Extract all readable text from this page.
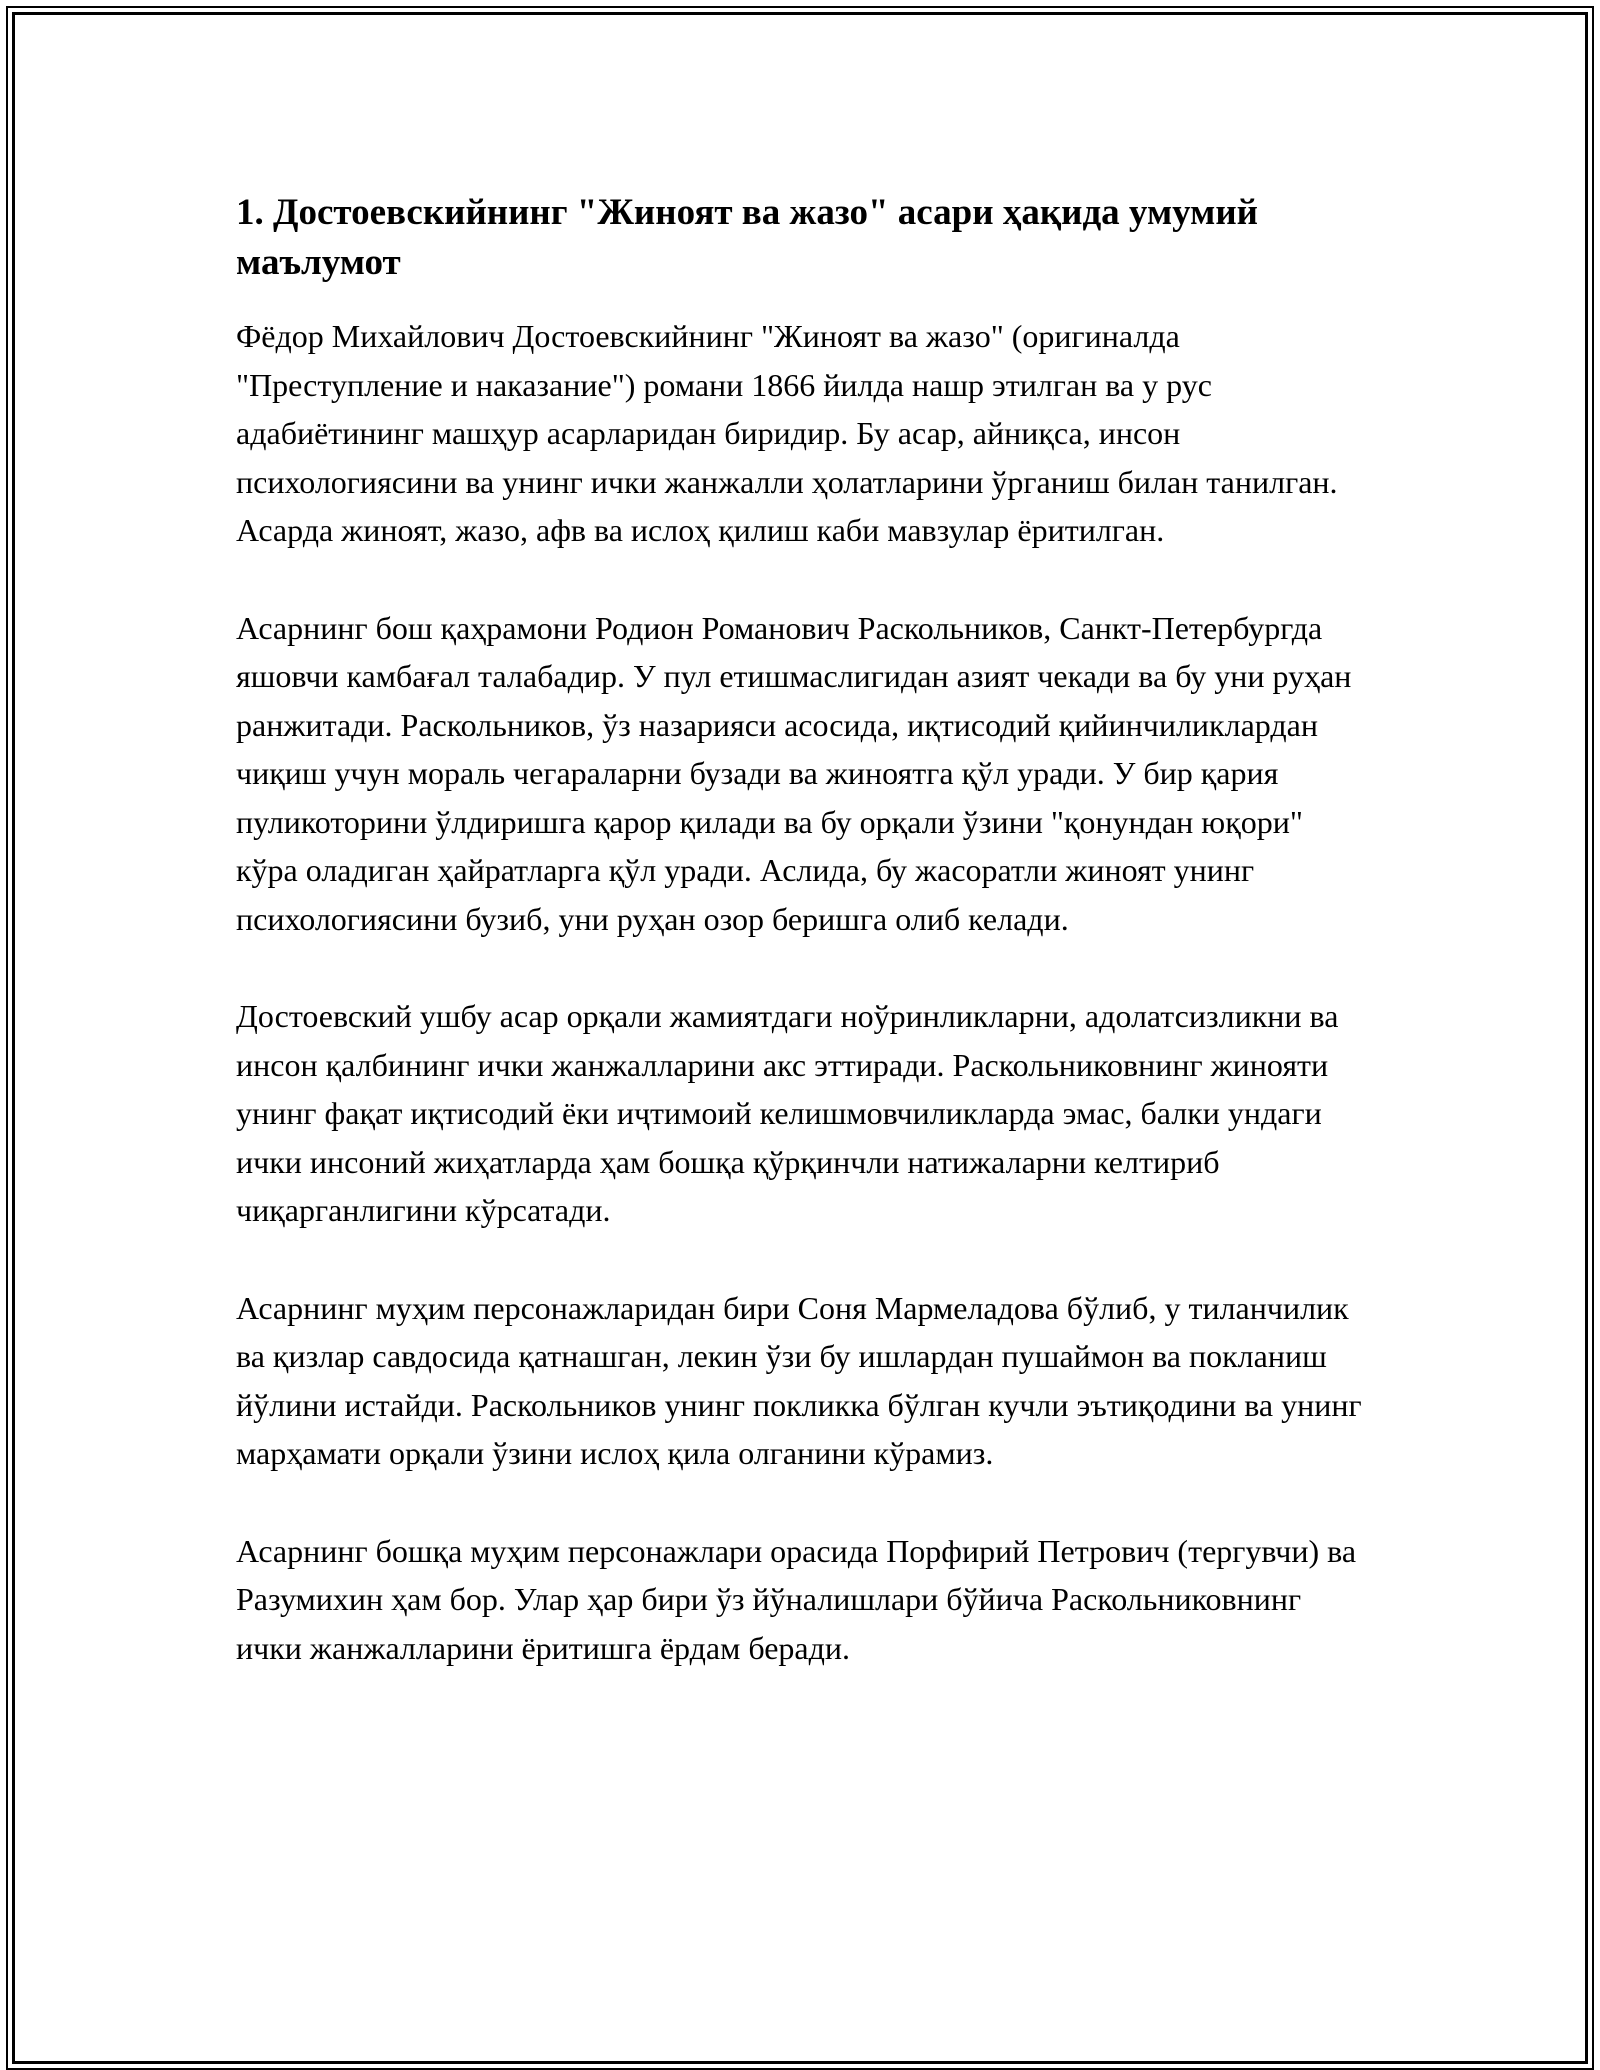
1. Достоевскийнинг "Жиноят ва жазо" асари ҳақида умумий маълумот

Фёдор Михайлович Достоевскийнинг "Жиноят ва жазо" (оригиналда "Преступление и наказание") романи 1866 йилда нашр этилган ва у рус адабиётининг машҳур асарларидан биридир. Бу асар, айниқса, инсон психологиясини ва унинг ички жанжалли ҳолатларини ўрганиш билан танилган. Асарда жиноят, жазо, афв ва ислоҳ қилиш каби мавзулар ёритилган.

Асарнинг бош қаҳрамони Родион Романович Раскольников, Санкт-Петербургда яшовчи камбағал талабадир. У пул етишмаслигидан азият чекади ва бу уни руҳан ранжитади. Раскольников, ўз назарияси асосида, иқтисодий қийинчиликлардан чиқиш учун мораль чегараларни бузади ва жиноятга қўл уради. У бир қария пуликоторини ўлдиришга қарор қилади ва бу орқали ўзини "қонундан юқори" кўра оладиган ҳайратларга қўл уради. Аслида, бу жасоратли жиноят унинг психологиясини бузиб, уни руҳан озор беришга олиб келади.

Достоевский ушбу асар орқали жамиятдаги ноўринликларни, адолатсизликни ва инсон қалбининг ички жанжалларини акс эттиради. Раскольниковнинг жинояти унинг фақат иқтисодий ёки иҷтимоий келишмовчиликларда эмас, балки ундаги ички инсоний жиҳатларда ҳам бошқа қўрқинчли натижаларни келтириб чиқарганлигини кўрсатади.

Асарнинг муҳим персонажларидан бири Соня Мармеладова бўлиб, у тиланчилик ва қизлар савдосида қатнашган, лекин ўзи бу ишлардан пушаймон ва покланиш йўлини истайди. Раскольников унинг покликка бўлган кучли эътиқодини ва унинг марҳамати орқали ўзини ислоҳ қила олганини кўрамиз.

Асарнинг бошқа муҳим персонажлари орасида Порфирий Петрович (тергувчи) ва Разумихин ҳам бор. Улар ҳар бири ўз йўналишлари бўйича Раскольниковнинг ички жанжалларини ёритишга ёрдам беради.
